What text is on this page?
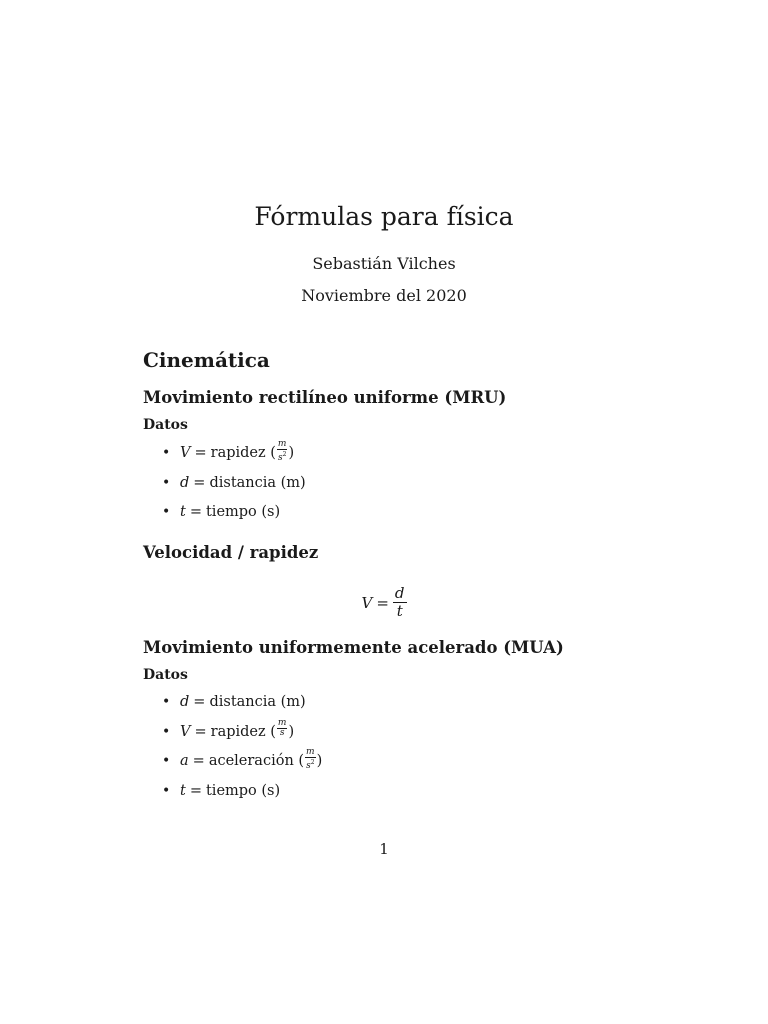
Fórmulas para física
Sebastián Vilches
Noviembre del 2020
Cinemática
Movimiento rectilíneo uniforme (MRU)
Datos
• V = rapidez ( $\frac{m}{s^2}$ )
• d = distancia (m)
• t = tiempo (s)
Velocidad / rapidez
$V = \frac{d}{t}$
Movimiento uniformemente acelerado (MUA)
Datos
• d = distancia (m)
• V = rapidez ( $\frac{m}{s}$ )
• a = aceleración ( $\frac{m}{s^2}$ )
• t = tiempo (s)
1
